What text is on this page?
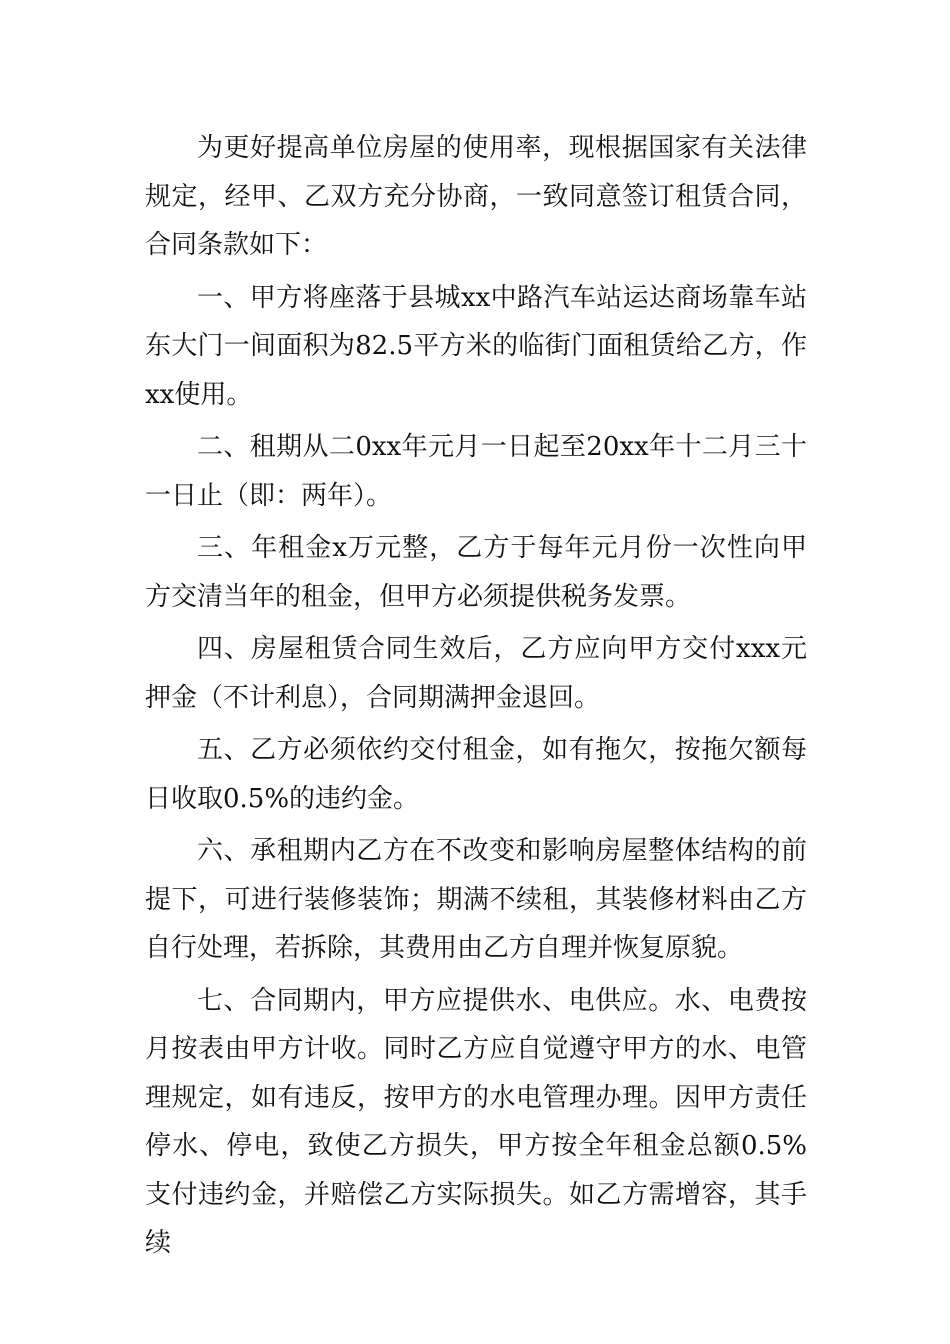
为更好提高单位房屋的使用率，现根据国家有关法律规定，经甲、乙双方充分协商，一致同意签订租赁合同，合同条款如下：

一、甲方将座落于县城xx中路汽车站运达商场靠车站东大门一间面积为82.5平方米的临街门面租赁给乙方，作xx使用。

二、租期从二0xx年元月一日起至20xx年十二月三十一日止（即：两年）。

三、年租金x万元整，乙方于每年元月份一次性向甲方交清当年的租金，但甲方必须提供税务发票。

四、房屋租赁合同生效后，乙方应向甲方交付xxx元押金（不计利息），合同期满押金退回。

五、乙方必须依约交付租金，如有拖欠，按拖欠额每日收取0.5%的违约金。

六、承租期内乙方在不改变和影响房屋整体结构的前提下，可进行装修装饰；期满不续租，其装修材料由乙方自行处理，若拆除，其费用由乙方自理并恢复原貌。

七、合同期内，甲方应提供水、电供应。水、电费按月按表由甲方计收。同时乙方应自觉遵守甲方的水、电管理规定，如有违反，按甲方的水电管理办理。因甲方责任停水、停电，致使乙方损失，甲方按全年租金总额0.5%支付违约金，并赔偿乙方实际损失。如乙方需增容，其手续
